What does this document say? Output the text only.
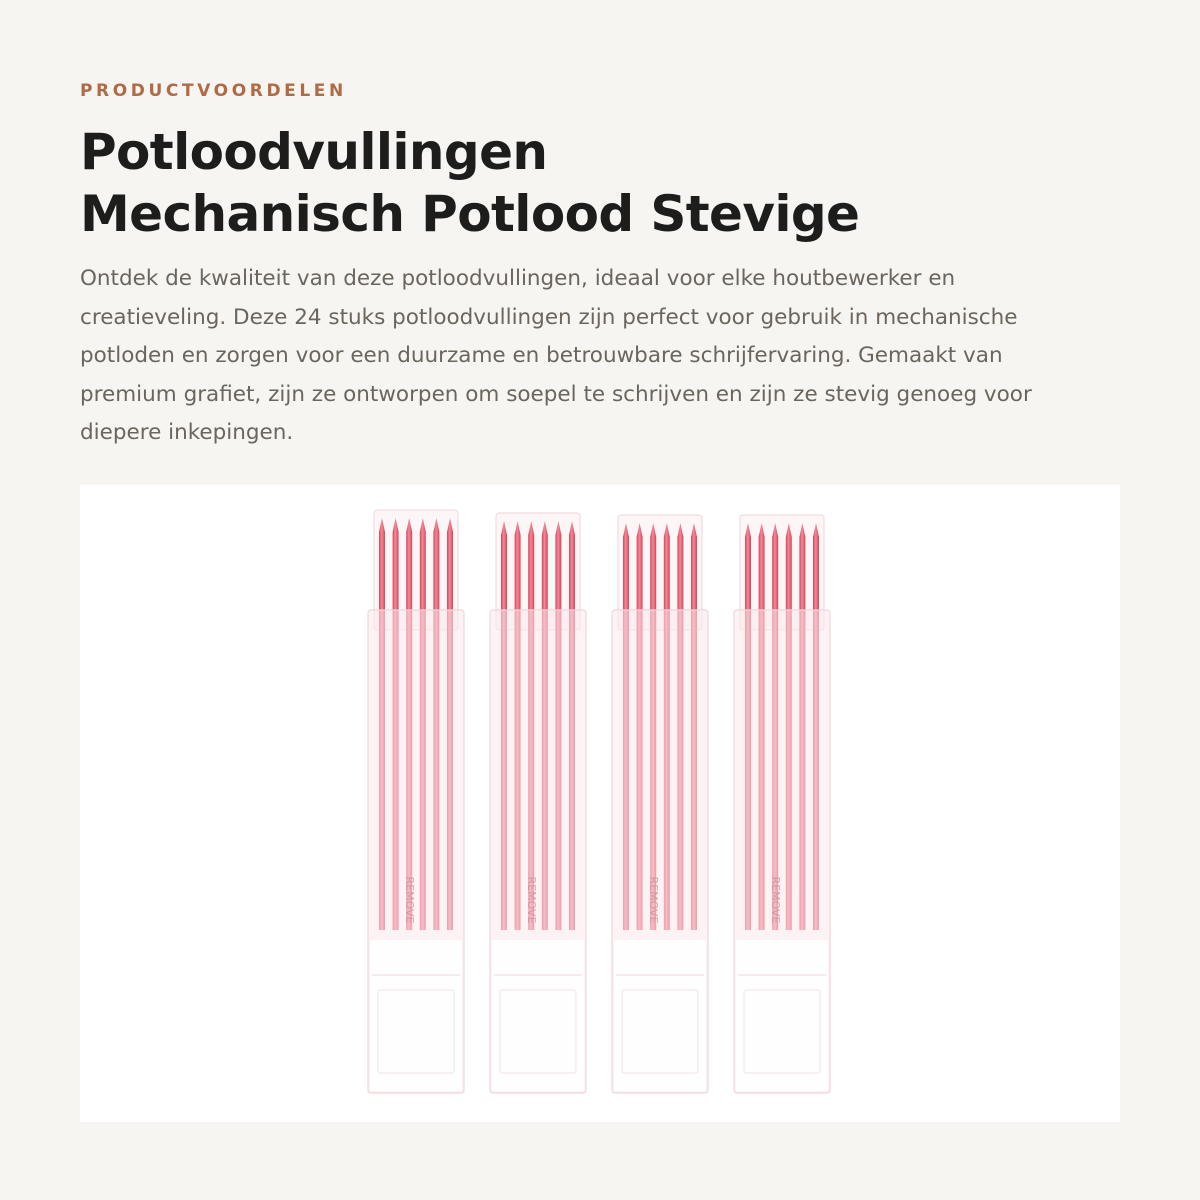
PRODUCTVOORDELEN
Potloodvullingen
Mechanisch Potlood Stevige

Ontdek de kwaliteit van deze potloodvullingen, ideaal voor elke houtbewerker en
creatieveling. Deze 24 stuks potloodvullingen zijn perfect voor gebruik in mechanische
potloden en zorgen voor een duurzame en betrouwbare schrijfervaring. Gemaakt van
premium grafiet, zijn ze ontworpen om soepel te schrijven en zijn ze stevig genoeg voor
diepere inkepingen.

REMOVE	REMOVE	REMOVE	REMOVE
